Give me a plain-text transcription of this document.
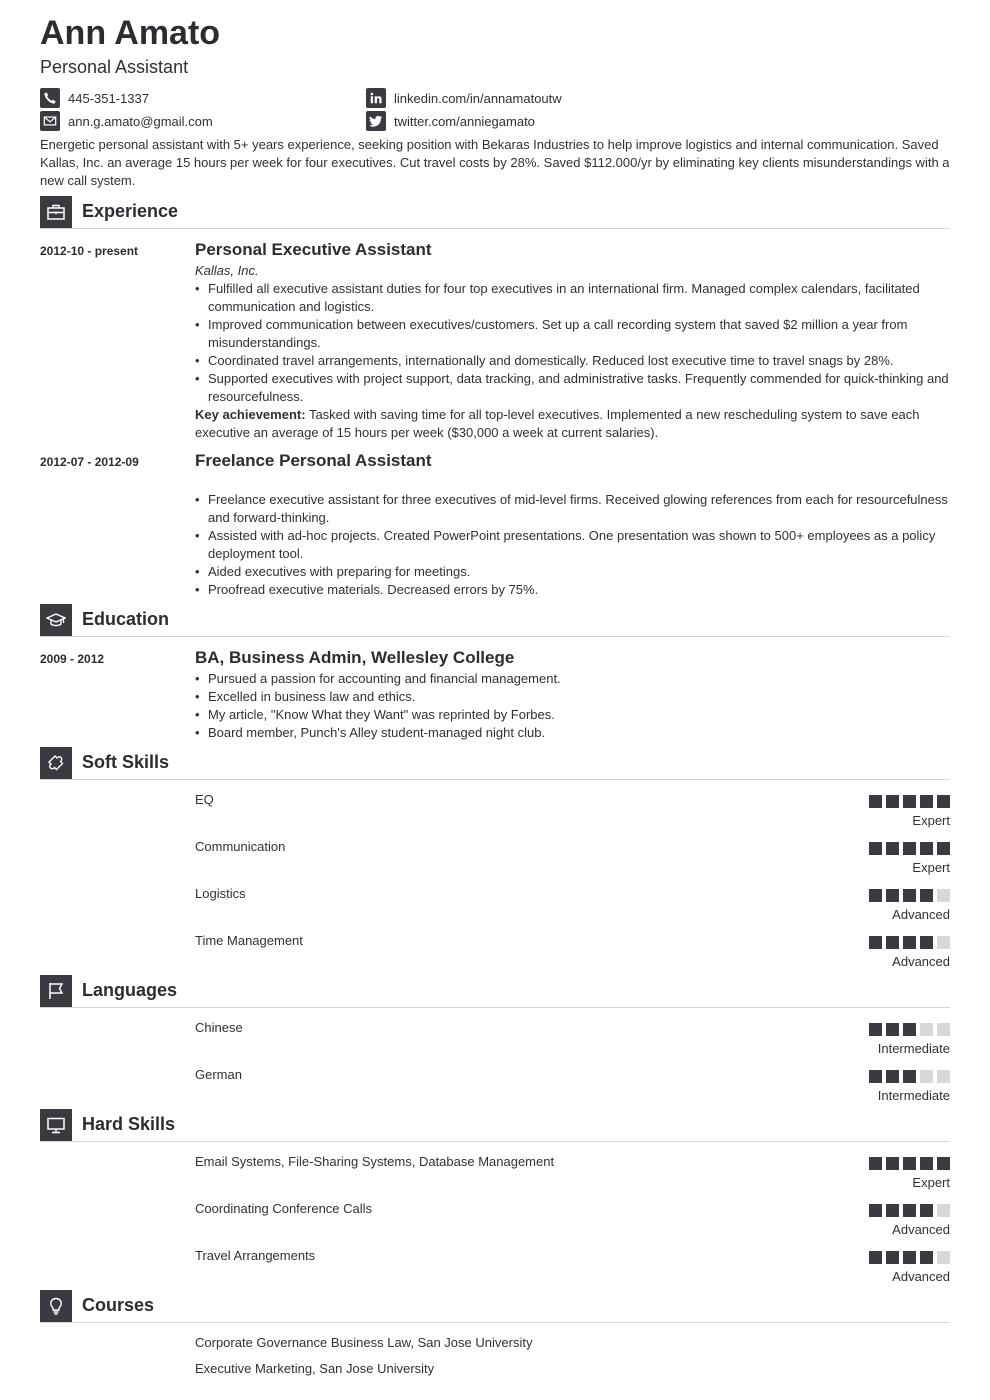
Ann Amato
Personal Assistant
445-351-1337	linkedin.com/in/annamatoutw
ann.g.amato@gmail.com	twitter.com/anniegamato
Energetic personal assistant with 5+ years experience, seeking position with Bekaras Industries to help improve logistics and internal communication. Saved Kallas, Inc. an average 15 hours per week for four executives. Cut travel costs by 28%. Saved $112.000/yr by eliminating key clients misunderstandings with a new call system.
Experience
2012-10 - present	Personal Executive Assistant
Kallas, Inc.
• Fulfilled all executive assistant duties for four top executives in an international firm. Managed complex calendars, facilitated communication and logistics.
• Improved communication between executives/customers. Set up a call recording system that saved $2 million a year from misunderstandings.
• Coordinated travel arrangements, internationally and domestically. Reduced lost executive time to travel snags by 28%.
• Supported executives with project support, data tracking, and administrative tasks. Frequently commended for quick-thinking and resourcefulness.
Key achievement: Tasked with saving time for all top-level executives. Implemented a new rescheduling system to save each executive an average of 15 hours per week ($30,000 a week at current salaries).
2012-07 - 2012-09	Freelance Personal Assistant
• Freelance executive assistant for three executives of mid-level firms. Received glowing references from each for resourcefulness and forward-thinking.
• Assisted with ad-hoc projects. Created PowerPoint presentations. One presentation was shown to 500+ employees as a policy deployment tool.
• Aided executives with preparing for meetings.
• Proofread executive materials. Decreased errors by 75%.
Education
2009 - 2012	BA, Business Admin, Wellesley College
• Pursued a passion for accounting and financial management.
• Excelled in business law and ethics.
• My article, "Know What they Want" was reprinted by Forbes.
• Board member, Punch's Alley student-managed night club.
Soft Skills
EQ
Expert
Communication
Expert
Logistics
Advanced
Time Management
Advanced
Languages
Chinese
Intermediate
German
Intermediate
Hard Skills
Email Systems, File-Sharing Systems, Database Management
Expert
Coordinating Conference Calls
Advanced
Travel Arrangements
Advanced
Courses
Corporate Governance Business Law, San Jose University
Executive Marketing, San Jose University
